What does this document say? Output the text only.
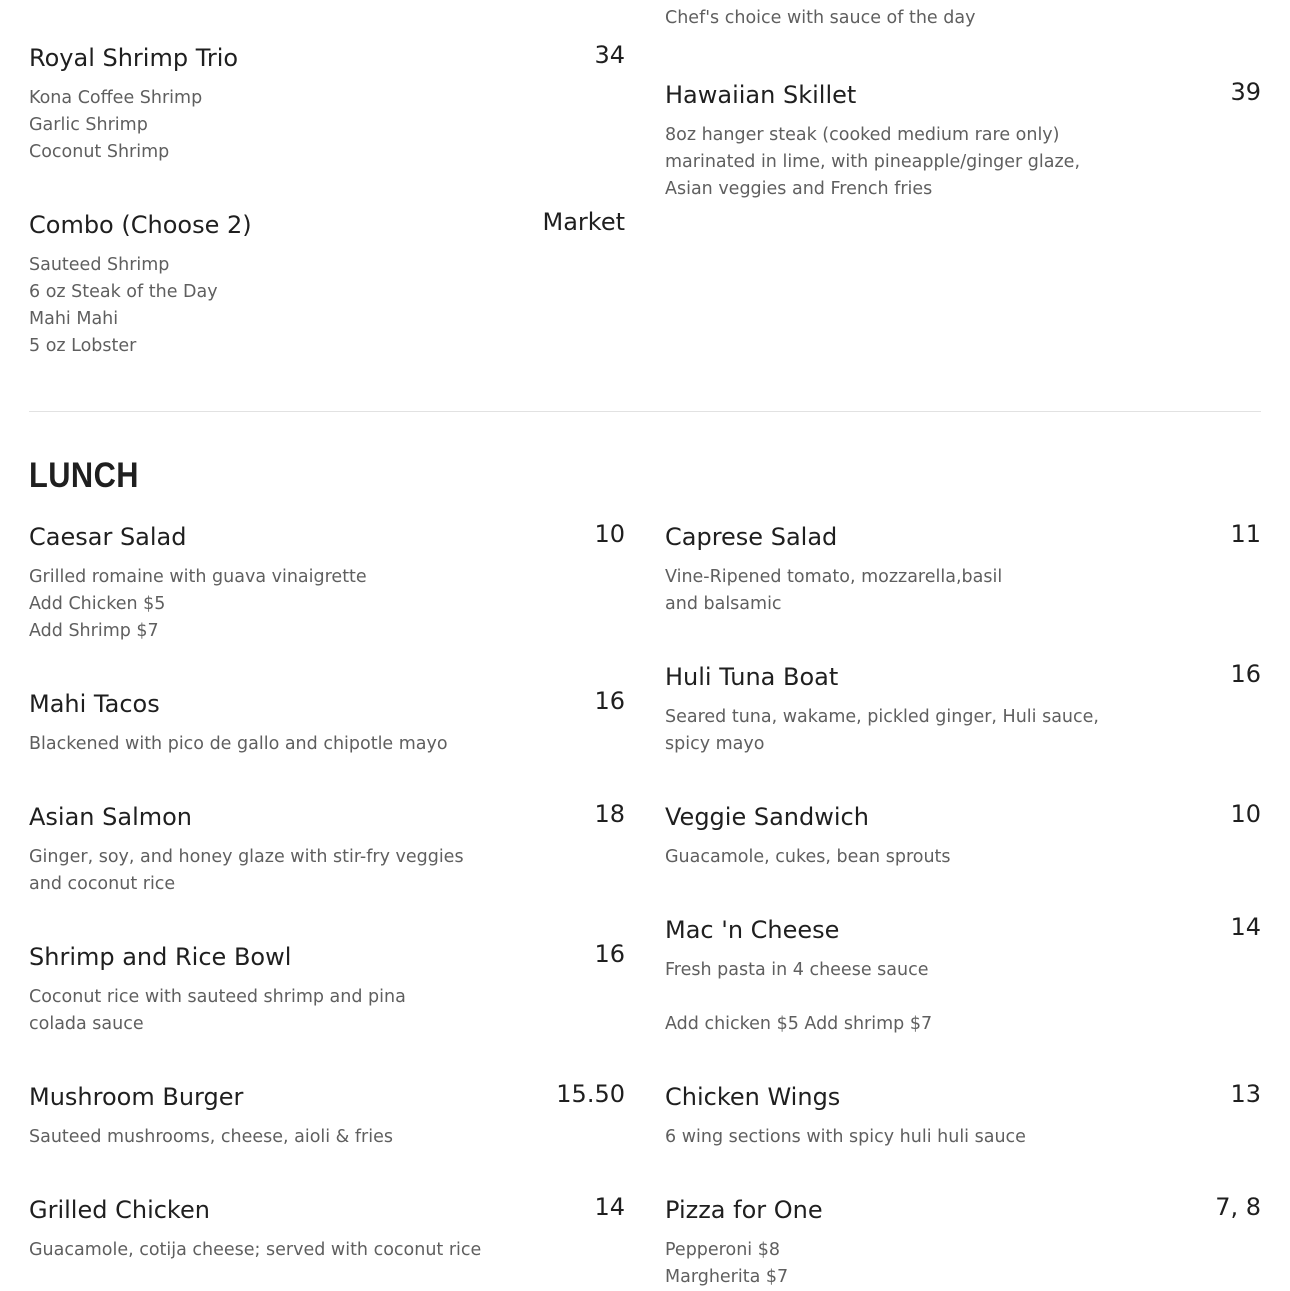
Chef's choice with sauce of the day
Royal Shrimp Trio	34
Kona Coffee Shrimp
Garlic Shrimp
Coconut Shrimp
Combo (Choose 2)	Market
Sauteed Shrimp
6 oz Steak of the Day
Mahi Mahi
5 oz Lobster
Hawaiian Skillet	39
8oz hanger steak (cooked medium rare only)
marinated in lime, with pineapple/ginger glaze,
Asian veggies and French fries
LUNCH
Caesar Salad	10
Grilled romaine with guava vinaigrette
Add Chicken $5
Add Shrimp $7
Mahi Tacos	16
Blackened with pico de gallo and chipotle mayo
Asian Salmon	18
Ginger, soy, and honey glaze with stir-fry veggies
and coconut rice
Shrimp and Rice Bowl	16
Coconut rice with sauteed shrimp and pina
colada sauce
Mushroom Burger	15.50
Sauteed mushrooms, cheese, aioli & fries
Grilled Chicken	14
Guacamole, cotija cheese; served with coconut rice
Caprese Salad	11
Vine-Ripened tomato, mozzarella,basil
and balsamic
Huli Tuna Boat	16
Seared tuna, wakame, pickled ginger, Huli sauce,
spicy mayo
Veggie Sandwich	10
Guacamole, cukes, bean sprouts
Mac 'n Cheese	14
Fresh pasta in 4 cheese sauce
Add chicken $5 Add shrimp $7
Chicken Wings	13
6 wing sections with spicy huli huli sauce
Pizza for One	7, 8
Pepperoni $8
Margherita $7
